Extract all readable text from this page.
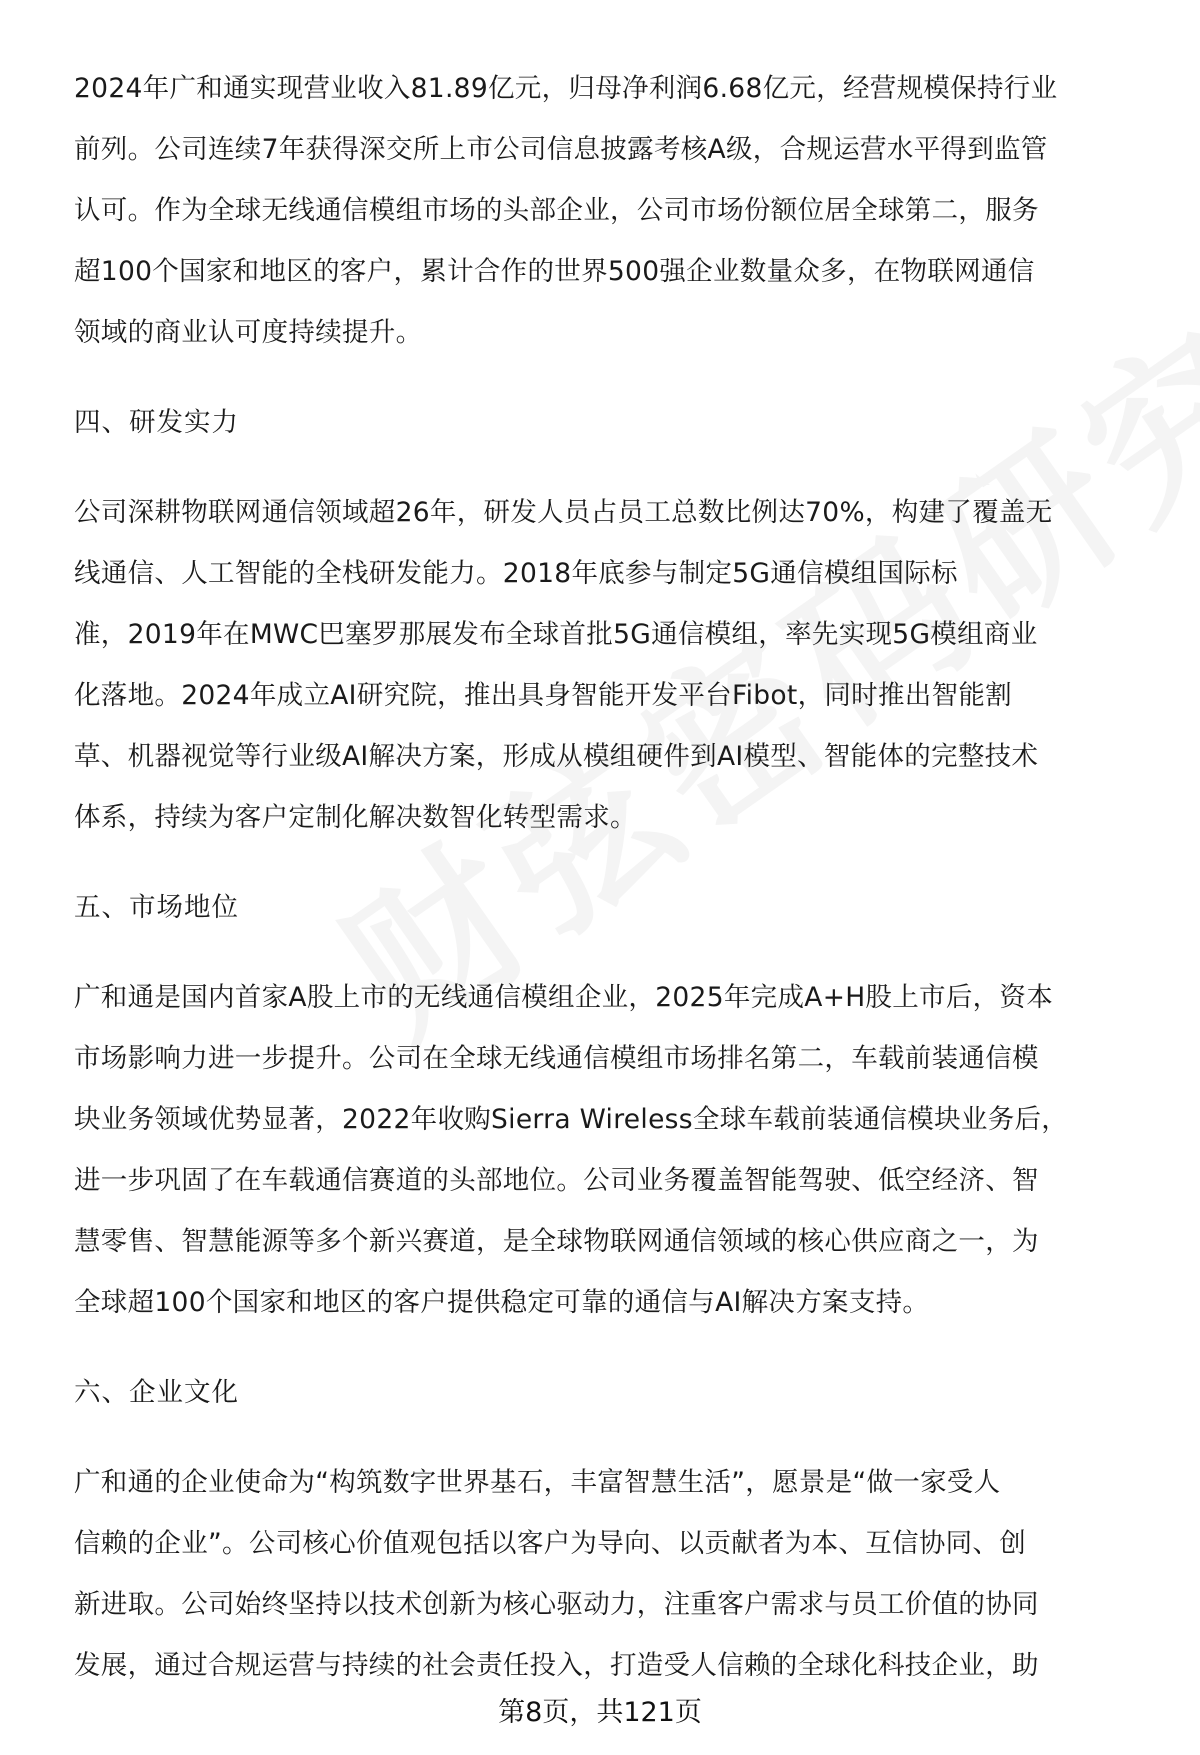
2024年广和通实现营业收入81.89亿元，归母净利润6.68亿元，经营规模保持行业
前列。公司连续7年获得深交所上市公司信息披露考核A级，合规运营水平得到监管
认可。作为全球无线通信模组市场的头部企业，公司市场份额位居全球第二，服务
超100个国家和地区的客户，累计合作的世界500强企业数量众多，在物联网通信
领域的商业认可度持续提升。
四、研发实力
公司深耕物联网通信领域超26年，研发人员占员工总数比例达70%，构建了覆盖无
线通信、人工智能的全栈研发能力。2018年底参与制定5G通信模组国际标
准，2019年在MWC巴塞罗那展发布全球首批5G通信模组，率先实现5G模组商业
化落地。2024年成立AI研究院，推出具身智能开发平台Fibot，同时推出智能割
草、机器视觉等行业级AI解决方案，形成从模组硬件到AI模型、智能体的完整技术
体系，持续为客户定制化解决数智化转型需求。
五、市场地位
广和通是国内首家A股上市的无线通信模组企业，2025年完成A+H股上市后，资本
市场影响力进一步提升。公司在全球无线通信模组市场排名第二，车载前装通信模
块业务领域优势显著，2022年收购Sierra Wireless全球车载前装通信模块业务后，
进一步巩固了在车载通信赛道的头部地位。公司业务覆盖智能驾驶、低空经济、智
慧零售、智慧能源等多个新兴赛道，是全球物联网通信领域的核心供应商之一，为
全球超100个国家和地区的客户提供稳定可靠的通信与AI解决方案支持。
六、企业文化
广和通的企业使命为“构筑数字世界基石，丰富智慧生活”，愿景是“做一家受人
信赖的企业”。公司核心价值观包括以客户为导向、以贡献者为本、互信协同、创
新进取。公司始终坚持以技术创新为核心驱动力，注重客户需求与员工价值的协同
发展，通过合规运营与持续的社会责任投入，打造受人信赖的全球化科技企业，助
第8页，共121页
